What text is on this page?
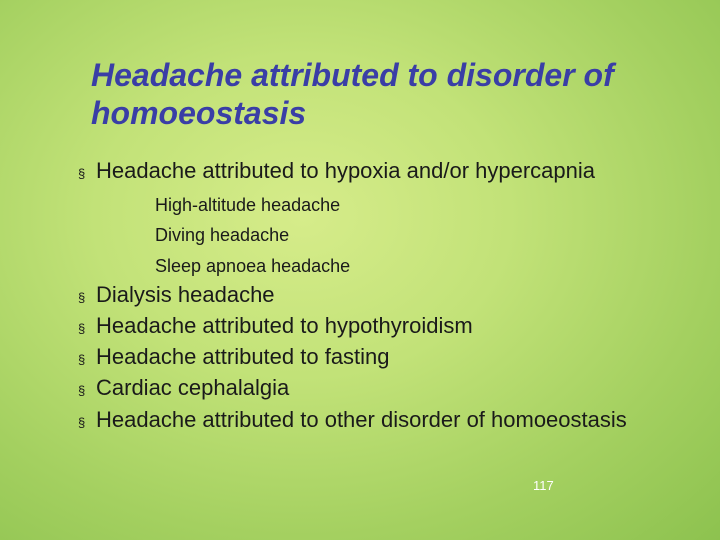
Headache attributed to disorder of
homoeostasis
§ Headache attributed to hypoxia and/or hypercapnia
High-altitude headache
Diving headache
Sleep apnoea headache
§ Dialysis headache
§ Headache attributed to hypothyroidism
§ Headache attributed to fasting
§ Cardiac cephalalgia
§ Headache attributed to other disorder of homoeostasis
117
